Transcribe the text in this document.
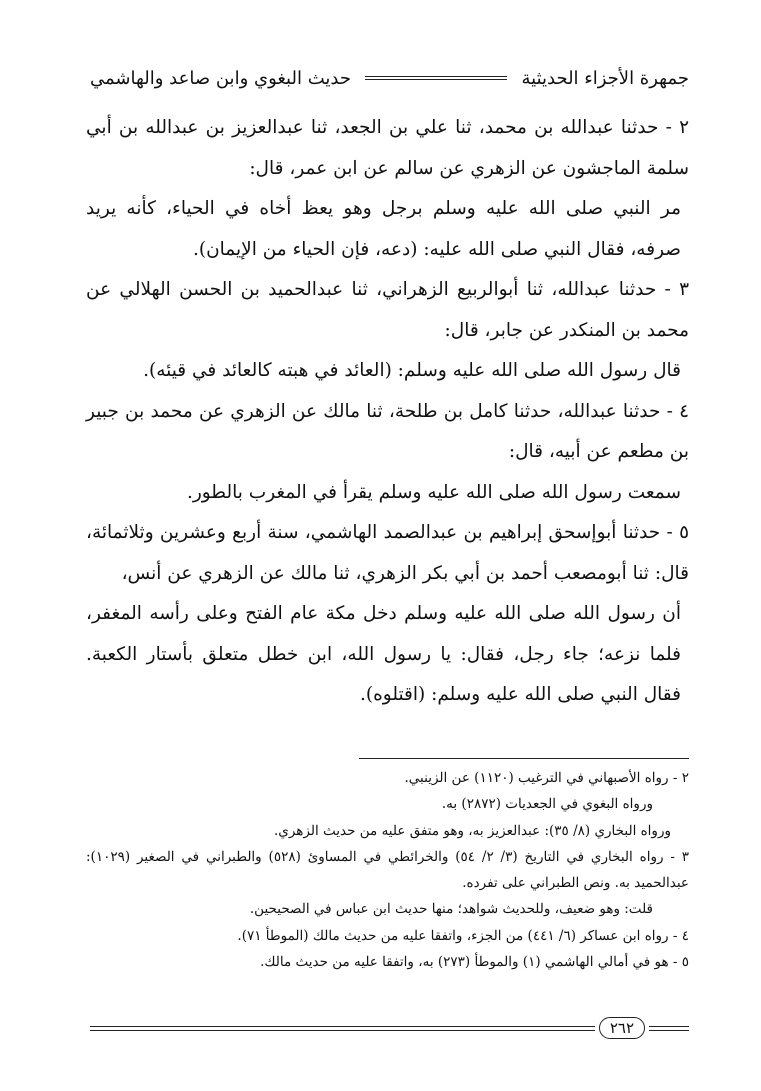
جمهرة الأجزاء الحديثية
حديث البغوي وابن صاعد والهاشمي

٢ - حدثنا عبدالله بن محمد، ثنا علي بن الجعد، ثنا عبدالعزيز بن عبدالله بن أبي سلمة الماجشون عن الزهري عن سالم عن ابن عمر، قال:

مر النبي صلى الله عليه وسلم برجل وهو يعظ أخاه في الحياء، كأنه يريد صرفه، فقال النبي صلى الله عليه: (دعه، فإن الحياء من الإيمان).

٣ - حدثنا عبدالله، ثنا أبوالربيع الزهراني، ثنا عبدالحميد بن الحسن الهلالي عن محمد بن المنكدر عن جابر، قال:

قال رسول الله صلى الله عليه وسلم: (العائد في هبته كالعائد في قيئه).

٤ - حدثنا عبدالله، حدثنا كامل بن طلحة، ثنا مالك عن الزهري عن محمد بن جبير بن مطعم عن أبيه، قال:

سمعت رسول الله صلى الله عليه وسلم يقرأ في المغرب بالطور.

٥ - حدثنا أبوإسحق إبراهيم بن عبدالصمد الهاشمي، سنة أربع وعشرين وثلاثمائة، قال: ثنا أبومصعب أحمد بن أبي بكر الزهري، ثنا مالك عن الزهري عن أنس،

أن رسول الله صلى الله عليه وسلم دخل مكة عام الفتح وعلى رأسه المغفر، فلما نزعه؛ جاء رجل، فقال: يا رسول الله، ابن خطل متعلق بأستار الكعبة. فقال النبي صلى الله عليه وسلم: (اقتلوه).

٢ - رواه الأصبهاني في الترغيب (١١٢٠) عن الزينبي.

ورواه البغوي في الجعديات (٢٨٧٢) به.

ورواه البخاري (٨/ ٣٥): عبدالعزيز به، وهو متفق عليه من حديث الزهري.

٣ - رواه البخاري في التاريخ (٣/ ٢/ ٥٤) والخرائطي في المساوئ (٥٢٨) والطبراني في الصغير (١٠٢٩): عبدالحميد به. ونص الطبراني على تفرده.

قلت: وهو ضعيف، وللحديث شواهد؛ منها حديث ابن عباس في الصحيحين.

٤ - رواه ابن عساكر (٦/ ٤٤١) من الجزء، واتفقا عليه من حديث مالك (الموطأ ٧١).

٥ - هو في أمالي الهاشمي (١) والموطأ (٢٧٣) به، واتفقا عليه من حديث مالك.

٢٦٢
